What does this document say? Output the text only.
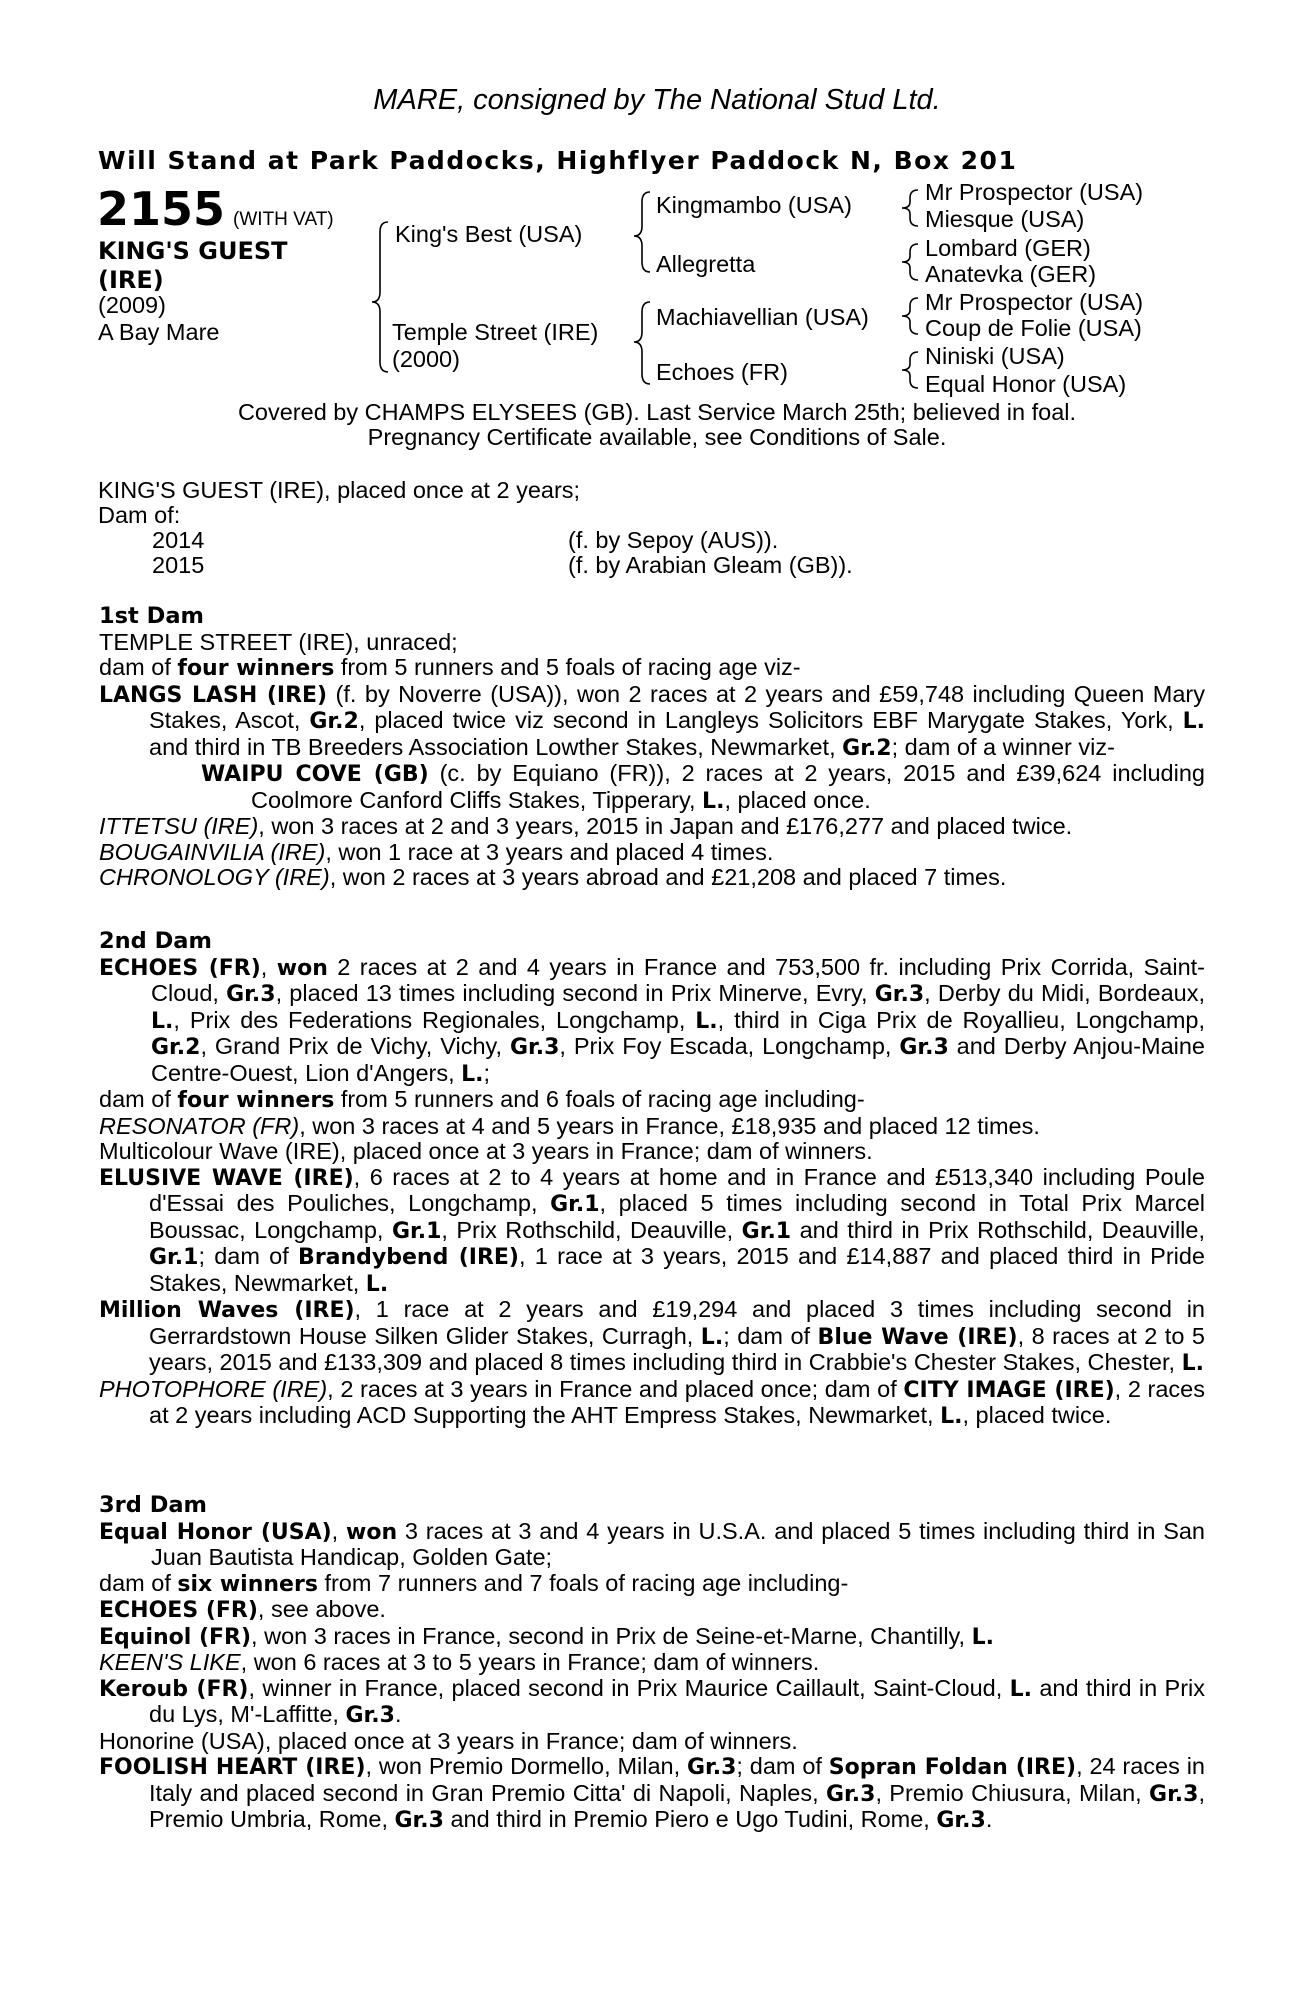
MARE, consigned by The National Stud Ltd.
Will Stand at Park Paddocks, Highflyer Paddock N, Box 201
2155 (WITH VAT)
KING'S GUEST
(IRE)
(2009)
A Bay Mare
King's Best (USA)
Temple Street (IRE)
(2000)
Kingmambo (USA)
Allegretta
Machiavellian (USA)
Echoes (FR)
Mr Prospector (USA)
Miesque (USA)
Lombard (GER)
Anatevka (GER)
Mr Prospector (USA)
Coup de Folie (USA)
Niniski (USA)
Equal Honor (USA)
Covered by CHAMPS ELYSEES (GB). Last Service March 25th; believed in foal.
Pregnancy Certificate available, see Conditions of Sale.
KING'S GUEST (IRE), placed once at 2 years;
Dam of:
2014	(f. by Sepoy (AUS)).
2015	(f. by Arabian Gleam (GB)).

1st Dam

TEMPLE STREET (IRE), unraced;

dam of four winners from 5 runners and 5 foals of racing age viz-

LANGS LASH (IRE) (f. by Noverre (USA)), won 2 races at 2 years and £59,748 including Queen Mary Stakes, Ascot, Gr.2, placed twice viz second in Langleys Solicitors EBF Marygate Stakes, York, L. and third in TB Breeders Association Lowther Stakes, Newmarket, Gr.2; dam of a winner viz-

WAIPU COVE (GB) (c. by Equiano (FR)), 2 races at 2 years, 2015 and £39,624 including Coolmore Canford Cliffs Stakes, Tipperary, L., placed once.

ITTETSU (IRE), won 3 races at 2 and 3 years, 2015 in Japan and £176,277 and placed twice.

BOUGAINVILIA (IRE), won 1 race at 3 years and placed 4 times.

CHRONOLOGY (IRE), won 2 races at 3 years abroad and £21,208 and placed 7 times.

2nd Dam

ECHOES (FR), won 2 races at 2 and 4 years in France and 753,500 fr. including Prix Corrida, Saint-Cloud, Gr.3, placed 13 times including second in Prix Minerve, Evry, Gr.3, Derby du Midi, Bordeaux, L., Prix des Federations Regionales, Longchamp, L., third in Ciga Prix de Royallieu, Longchamp, Gr.2, Grand Prix de Vichy, Vichy, Gr.3, Prix Foy Escada, Longchamp, Gr.3 and Derby Anjou-Maine Centre-Ouest, Lion d'Angers, L.;

dam of four winners from 5 runners and 6 foals of racing age including-

RESONATOR (FR), won 3 races at 4 and 5 years in France, £18,935 and placed 12 times.

Multicolour Wave (IRE), placed once at 3 years in France; dam of winners.

ELUSIVE WAVE (IRE), 6 races at 2 to 4 years at home and in France and £513,340 including Poule d'Essai des Pouliches, Longchamp, Gr.1, placed 5 times including second in Total Prix Marcel Boussac, Longchamp, Gr.1, Prix Rothschild, Deauville, Gr.1 and third in Prix Rothschild, Deauville, Gr.1; dam of Brandybend (IRE), 1 race at 3 years, 2015 and £14,887 and placed third in Pride Stakes, Newmarket, L.

Million Waves (IRE), 1 race at 2 years and £19,294 and placed 3 times including second in Gerrardstown House Silken Glider Stakes, Curragh, L.; dam of Blue Wave (IRE), 8 races at 2 to 5 years, 2015 and £133,309 and placed 8 times including third in Crabbie's Chester Stakes, Chester, L.

PHOTOPHORE (IRE), 2 races at 3 years in France and placed once; dam of CITY IMAGE (IRE), 2 races at 2 years including ACD Supporting the AHT Empress Stakes, Newmarket, L., placed twice.

3rd Dam

Equal Honor (USA), won 3 races at 3 and 4 years in U.S.A. and placed 5 times including third in San Juan Bautista Handicap, Golden Gate;

dam of six winners from 7 runners and 7 foals of racing age including-

ECHOES (FR), see above.

Equinol (FR), won 3 races in France, second in Prix de Seine-et-Marne, Chantilly, L.

KEEN'S LIKE, won 6 races at 3 to 5 years in France; dam of winners.

Keroub (FR), winner in France, placed second in Prix Maurice Caillault, Saint-Cloud, L. and third in Prix du Lys, M'-Laffitte, Gr.3.

Honorine (USA), placed once at 3 years in France; dam of winners.

FOOLISH HEART (IRE), won Premio Dormello, Milan, Gr.3; dam of Sopran Foldan (IRE), 24 races in Italy and placed second in Gran Premio Citta' di Napoli, Naples, Gr.3, Premio Chiusura, Milan, Gr.3, Premio Umbria, Rome, Gr.3 and third in Premio Piero e Ugo Tudini, Rome, Gr.3.
